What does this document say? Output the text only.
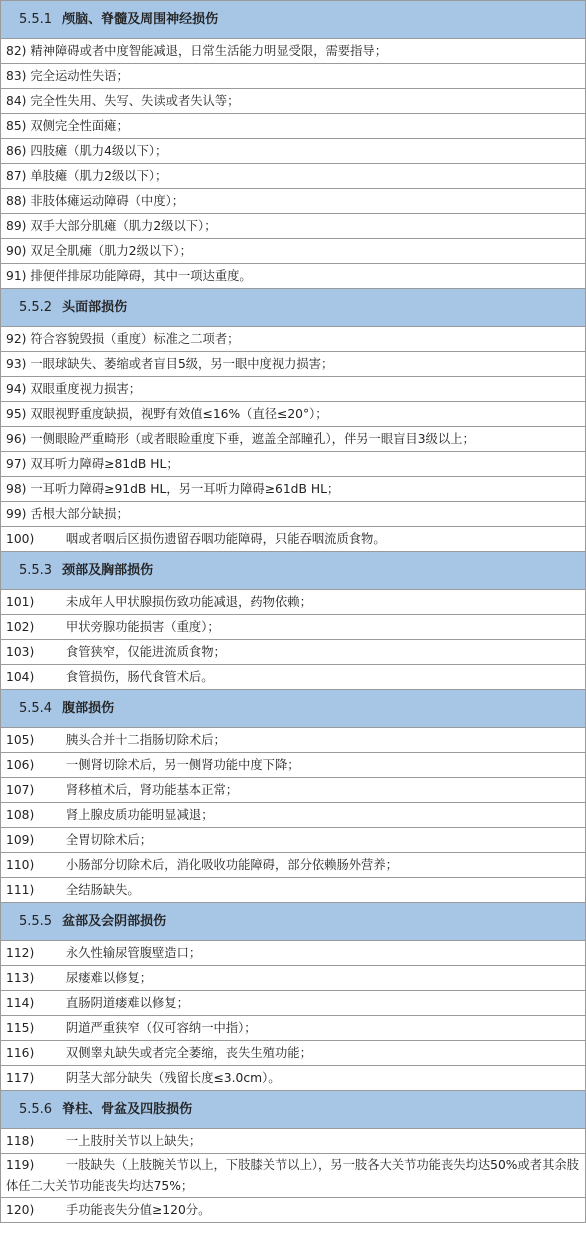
5.5.1 颅脑、脊髓及周围神经损伤
82) 精神障碍或者中度智能减退，日常生活能力明显受限，需要指导；
83) 完全运动性失语；
84) 完全性失用、失写、失读或者失认等；
85) 双侧完全性面瘫；
86) 四肢瘫（肌力4级以下）；
87) 单肢瘫（肌力2级以下）；
88) 非肢体瘫运动障碍（中度）；
89) 双手大部分肌瘫（肌力2级以下）；
90) 双足全肌瘫（肌力2级以下）；
91) 排便伴排尿功能障碍，其中一项达重度。
5.5.2 头面部损伤
92) 符合容貌毁损（重度）标准之二项者；
93) 一眼球缺失、萎缩或者盲目5级，另一眼中度视力损害；
94) 双眼重度视力损害；
95) 双眼视野重度缺损，视野有效值≤16%（直径≤20°）；
96) 一侧眼睑严重畸形（或者眼睑重度下垂，遮盖全部瞳孔），伴另一眼盲目3级以上；
97) 双耳听力障碍≥81dB HL；
98) 一耳听力障碍≥91dB HL，另一耳听力障碍≥61dB HL；
99) 舌根大部分缺损；
100)	咽或者咽后区损伤遗留吞咽功能障碍，只能吞咽流质食物。
5.5.3 颈部及胸部损伤
101)	未成年人甲状腺损伤致功能减退，药物依赖；
102)	甲状旁腺功能损害（重度）；
103)	食管狭窄，仅能进流质食物；
104)	食管损伤，肠代食管术后。
5.5.4 腹部损伤
105)	胰头合并十二指肠切除术后；
106)	一侧肾切除术后，另一侧肾功能中度下降；
107)	肾移植术后，肾功能基本正常；
108)	肾上腺皮质功能明显减退；
109)	全胃切除术后；
110)	小肠部分切除术后，消化吸收功能障碍，部分依赖肠外营养；
111)	全结肠缺失。
5.5.5 盆部及会阴部损伤
112)	永久性输尿管腹壁造口；
113)	尿瘘难以修复；
114)	直肠阴道瘘难以修复；
115)	阴道严重狭窄（仅可容纳一中指）；
116)	双侧睾丸缺失或者完全萎缩，丧失生殖功能；
117)	阴茎大部分缺失（残留长度≤3.0cm）。
5.5.6 脊柱、骨盆及四肢损伤
118)	一上肢肘关节以上缺失；
119)	一肢缺失（上肢腕关节以上，下肢膝关节以上），另一肢各大关节功能丧失均达50%或者其余肢体任二大关节功能丧失均达75%；
120)	手功能丧失分值≥120分。
